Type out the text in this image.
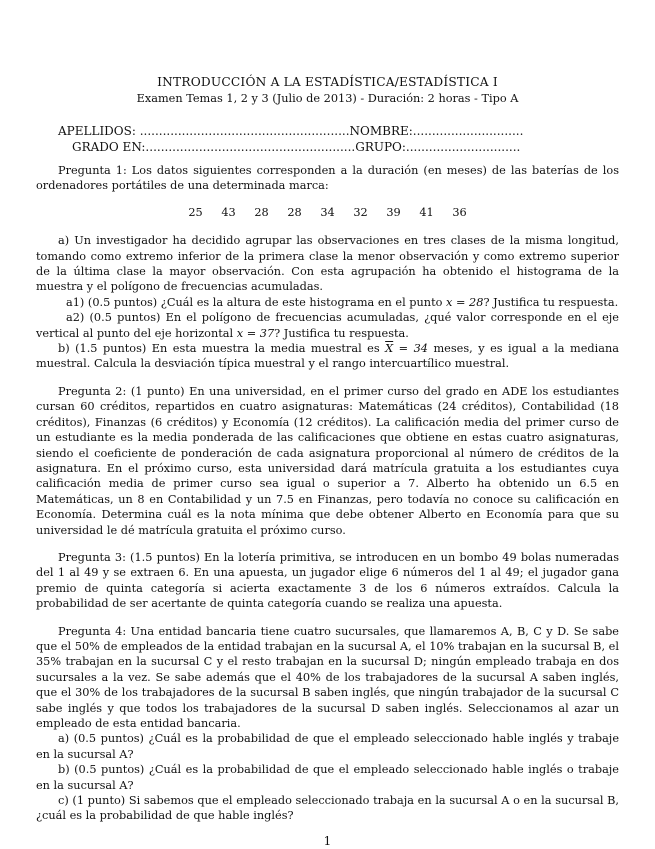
INTRODUCCIÓN A LA ESTADÍSTICA/ESTADÍSTICA I
Examen Temas 1, 2 y 3 (Julio de 2013) - Duración: 2 horas - Tipo A
APELLIDOS: .......................................................NOMBRE:.............................
GRADO EN:.......................................................GRUPO:..............................

Pregunta 1: Los datos siguientes corresponden a la duración (en meses) de las baterías de los ordenadores portátiles de una determinada marca:

25 43 28 28 34 32 39 41 36

a) Un investigador ha decidido agrupar las observaciones en tres clases de la misma longitud, tomando como extremo inferior de la primera clase la menor observación y como extremo superior de la última clase la mayor observación. Con esta agrupación ha obtenido el histograma de la muestra y el polígono de frecuencias acumuladas.

a1) (0.5 puntos) ¿Cuál es la altura de este histograma en el punto x = 28? Justifica tu respuesta.

a2) (0.5 puntos) En el polígono de frecuencias acumuladas, ¿qué valor corresponde en el eje vertical al punto del eje horizontal x = 37? Justifica tu respuesta.

b) (1.5 puntos) En esta muestra la media muestral es $\overline{X} = 34$ meses, y es igual a la mediana muestral. Calcula la desviación típica muestral y el rango intercuartílico muestral.

Pregunta 2: (1 punto) En una universidad, en el primer curso del grado en ADE los estudiantes cursan 60 créditos, repartidos en cuatro asignaturas: Matemáticas (24 créditos), Contabilidad (18 créditos), Finanzas (6 créditos) y Economía (12 créditos). La calificación media del primer curso de un estudiante es la media ponderada de las calificaciones que obtiene en estas cuatro asignaturas, siendo el coeficiente de ponderación de cada asignatura proporcional al número de créditos de la asignatura. En el próximo curso, esta universidad dará matrícula gratuita a los estudiantes cuya calificación media de primer curso sea igual o superior a 7. Alberto ha obtenido un 6.5 en Matemáticas, un 8 en Contabilidad y un 7.5 en Finanzas, pero todavía no conoce su calificación en Economía. Determina cuál es la nota mínima que debe obtener Alberto en Economía para que su universidad le dé matrícula gratuita el próximo curso.

Pregunta 3: (1.5 puntos) En la lotería primitiva, se introducen en un bombo 49 bolas numeradas del 1 al 49 y se extraen 6. En una apuesta, un jugador elige 6 números del 1 al 49; el jugador gana premio de quinta categoría si acierta exactamente 3 de los 6 números extraídos. Calcula la probabilidad de ser acertante de quinta categoría cuando se realiza una apuesta.

Pregunta 4: Una entidad bancaria tiene cuatro sucursales, que llamaremos A, B, C y D. Se sabe que el 50% de empleados de la entidad trabajan en la sucursal A, el 10% trabajan en la sucursal B, el 35% trabajan en la sucursal C y el resto trabajan en la sucursal D; ningún empleado trabaja en dos sucursales a la vez. Se sabe además que el 40% de los trabajadores de la sucursal A saben inglés, que el 30% de los trabajadores de la sucursal B saben inglés, que ningún trabajador de la sucursal C sabe inglés y que todos los trabajadores de la sucursal D saben inglés. Seleccionamos al azar un empleado de esta entidad bancaria.

a) (0.5 puntos) ¿Cuál es la probabilidad de que el empleado seleccionado hable inglés y trabaje en la sucursal A?

b) (0.5 puntos) ¿Cuál es la probabilidad de que el empleado seleccionado hable inglés o trabaje en la sucursal A?

c) (1 punto) Si sabemos que el empleado seleccionado trabaja en la sucursal A o en la sucursal B, ¿cuál es la probabilidad de que hable inglés?

1
